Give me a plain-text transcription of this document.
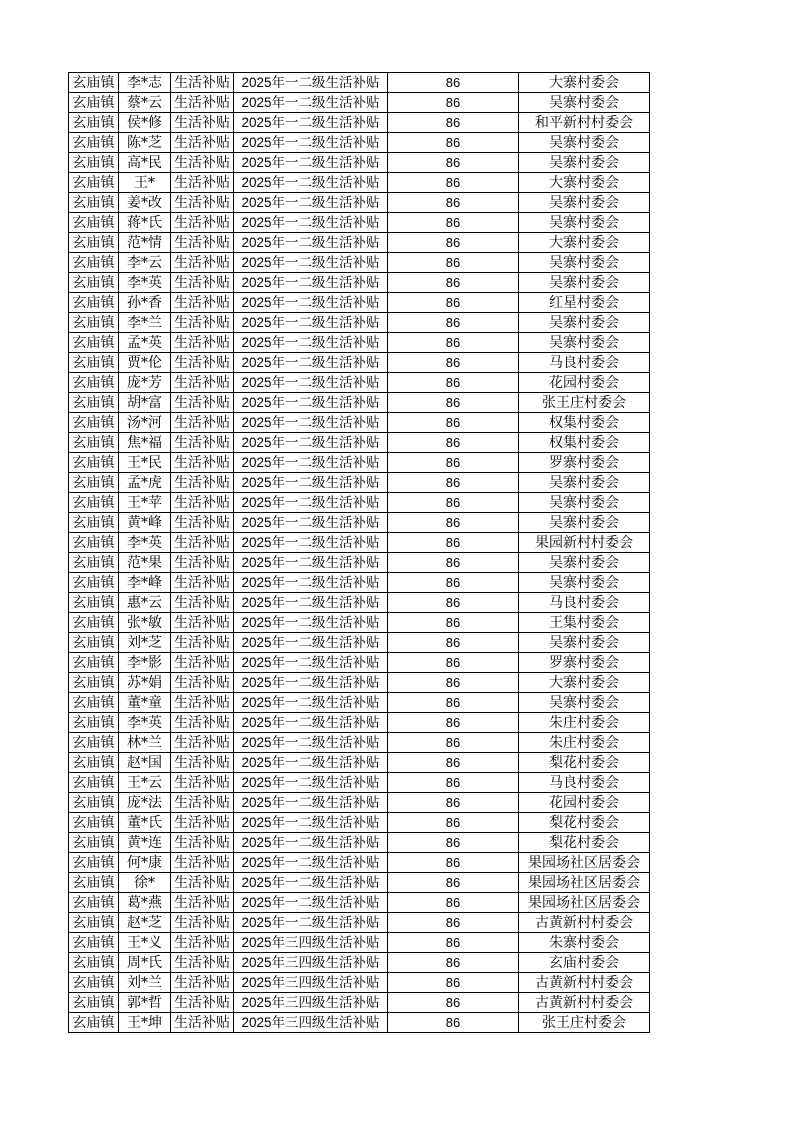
玄庙镇	李*志	生活补贴	2025年一二级生活补贴	86	大寨村委会
玄庙镇	蔡*云	生活补贴	2025年一二级生活补贴	86	吴寨村委会
玄庙镇	侯*修	生活补贴	2025年一二级生活补贴	86	和平新村村委会
玄庙镇	陈*芝	生活补贴	2025年一二级生活补贴	86	吴寨村委会
玄庙镇	高*民	生活补贴	2025年一二级生活补贴	86	吴寨村委会
玄庙镇	王*	生活补贴	2025年一二级生活补贴	86	大寨村委会
玄庙镇	姜*改	生活补贴	2025年一二级生活补贴	86	吴寨村委会
玄庙镇	蒋*氏	生活补贴	2025年一二级生活补贴	86	吴寨村委会
玄庙镇	范*情	生活补贴	2025年一二级生活补贴	86	大寨村委会
玄庙镇	李*云	生活补贴	2025年一二级生活补贴	86	吴寨村委会
玄庙镇	李*英	生活补贴	2025年一二级生活补贴	86	吴寨村委会
玄庙镇	孙*香	生活补贴	2025年一二级生活补贴	86	红星村委会
玄庙镇	李*兰	生活补贴	2025年一二级生活补贴	86	吴寨村委会
玄庙镇	孟*英	生活补贴	2025年一二级生活补贴	86	吴寨村委会
玄庙镇	贾*伦	生活补贴	2025年一二级生活补贴	86	马良村委会
玄庙镇	庞*芳	生活补贴	2025年一二级生活补贴	86	花园村委会
玄庙镇	胡*富	生活补贴	2025年一二级生活补贴	86	张王庄村委会
玄庙镇	汤*河	生活补贴	2025年一二级生活补贴	86	权集村委会
玄庙镇	焦*福	生活补贴	2025年一二级生活补贴	86	权集村委会
玄庙镇	王*民	生活补贴	2025年一二级生活补贴	86	罗寨村委会
玄庙镇	孟*虎	生活补贴	2025年一二级生活补贴	86	吴寨村委会
玄庙镇	王*苹	生活补贴	2025年一二级生活补贴	86	吴寨村委会
玄庙镇	黄*峰	生活补贴	2025年一二级生活补贴	86	吴寨村委会
玄庙镇	李*英	生活补贴	2025年一二级生活补贴	86	果园新村村委会
玄庙镇	范*果	生活补贴	2025年一二级生活补贴	86	吴寨村委会
玄庙镇	李*峰	生活补贴	2025年一二级生活补贴	86	吴寨村委会
玄庙镇	惠*云	生活补贴	2025年一二级生活补贴	86	马良村委会
玄庙镇	张*敏	生活补贴	2025年一二级生活补贴	86	王集村委会
玄庙镇	刘*芝	生活补贴	2025年一二级生活补贴	86	吴寨村委会
玄庙镇	李*影	生活补贴	2025年一二级生活补贴	86	罗寨村委会
玄庙镇	苏*娟	生活补贴	2025年一二级生活补贴	86	大寨村委会
玄庙镇	董*童	生活补贴	2025年一二级生活补贴	86	吴寨村委会
玄庙镇	李*英	生活补贴	2025年一二级生活补贴	86	朱庄村委会
玄庙镇	林*兰	生活补贴	2025年一二级生活补贴	86	朱庄村委会
玄庙镇	赵*国	生活补贴	2025年一二级生活补贴	86	梨花村委会
玄庙镇	王*云	生活补贴	2025年一二级生活补贴	86	马良村委会
玄庙镇	庞*法	生活补贴	2025年一二级生活补贴	86	花园村委会
玄庙镇	董*氏	生活补贴	2025年一二级生活补贴	86	梨花村委会
玄庙镇	黄*连	生活补贴	2025年一二级生活补贴	86	梨花村委会
玄庙镇	何*康	生活补贴	2025年一二级生活补贴	86	果园场社区居委会
玄庙镇	徐*	生活补贴	2025年一二级生活补贴	86	果园场社区居委会
玄庙镇	葛*燕	生活补贴	2025年一二级生活补贴	86	果园场社区居委会
玄庙镇	赵*芝	生活补贴	2025年一二级生活补贴	86	古黄新村村委会
玄庙镇	王*义	生活补贴	2025年三四级生活补贴	86	朱寨村委会
玄庙镇	周*氏	生活补贴	2025年三四级生活补贴	86	玄庙村委会
玄庙镇	刘*兰	生活补贴	2025年三四级生活补贴	86	古黄新村村委会
玄庙镇	郭*哲	生活补贴	2025年三四级生活补贴	86	古黄新村村委会
玄庙镇	王*坤	生活补贴	2025年三四级生活补贴	86	张王庄村委会
